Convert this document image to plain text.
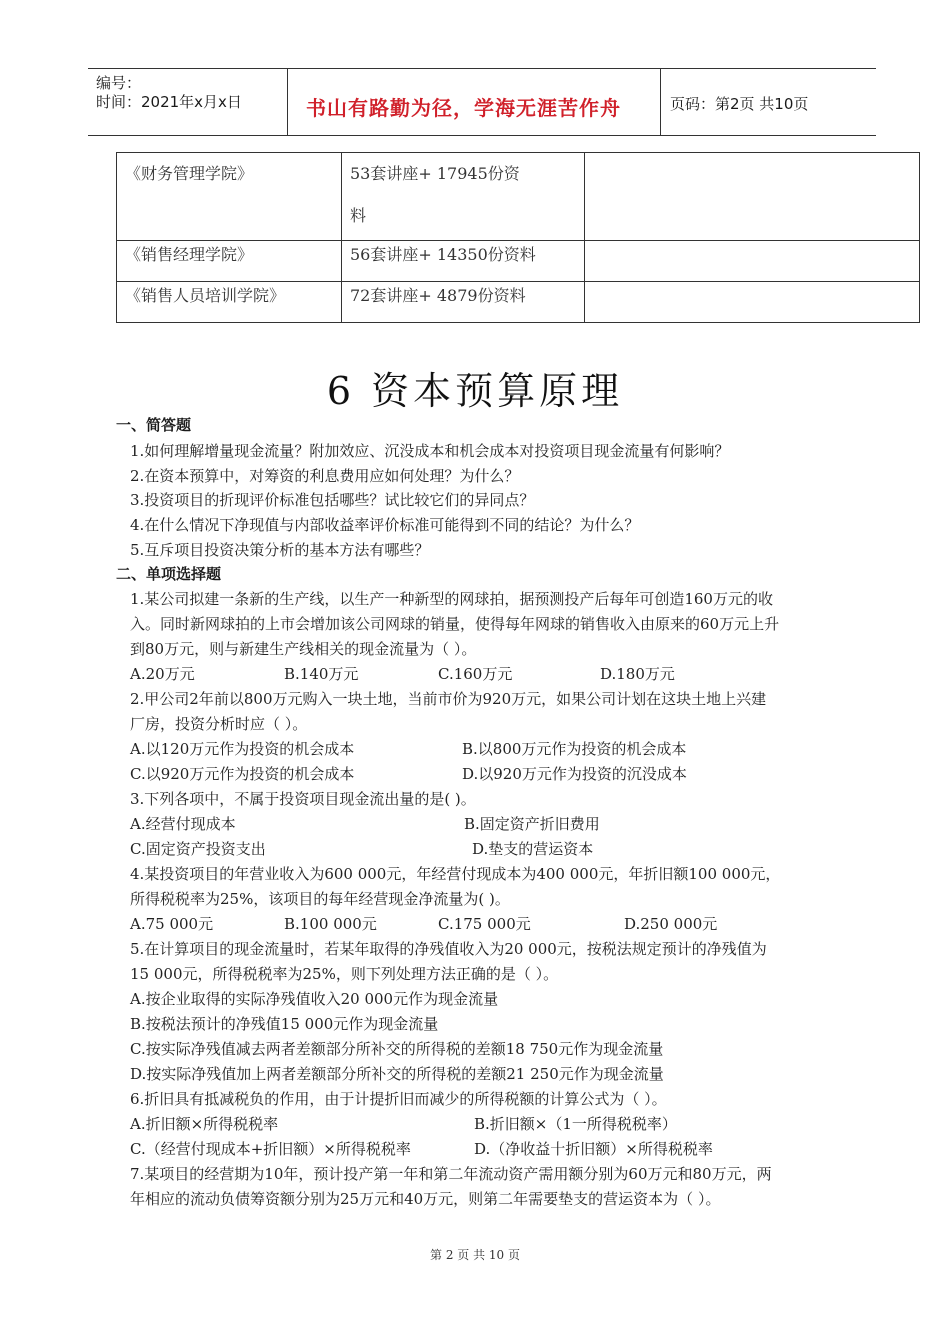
编号：
时间：2021年x月x日	书山有路勤为径，学海无涯苦作舟	页码：第2页 共10页
《财务管理学院》	53套讲座+ 17945份资
料	

《销售经理学院》	56套讲座+ 14350份资料	
《销售人员培训学院》	72套讲座+ 4879份资料	
6 资本预算原理
一、简答题
1.如何理解增量现金流量？附加效应、沉没成本和机会成本对投资项目现金流量有何影响？
2.在资本预算中，对筹资的利息费用应如何处理？为什么？
3.投资项目的折现评价标准包括哪些？试比较它们的异同点？
4.在什么情况下净现值与内部收益率评价标准可能得到不同的结论？为什么？
5.互斥项目投资决策分析的基本方法有哪些？
二、单项选择题
1.某公司拟建一条新的生产线，以生产一种新型的网球拍，据预测投产后每年可创造160万元的收
入。同时新网球拍的上市会增加该公司网球的销量，使得每年网球的销售收入由原来的60万元上升
到80万元，则与新建生产线相关的现金流量为（ ）。
A.20万元	B.140万元	C.160万元	D.180万元
2.甲公司2年前以800万元购入一块土地，当前市价为920万元，如果公司计划在这块土地上兴建
厂房，投资分析时应（ ）。
A.以120万元作为投资的机会成本	B.以800万元作为投资的机会成本
C.以920万元作为投资的机会成本	D.以920万元作为投资的沉没成本
3.下列各项中，不属于投资项目现金流出量的是( )。
A.经营付现成本	B.固定资产折旧费用
C.固定资产投资支出	D.垫支的营运资本
4.某投资项目的年营业收入为600 000元，年经营付现成本为400 000元，年折旧额100 000元，
所得税税率为25%，该项目的每年经营现金净流量为( )。
A.75 000元	B.100 000元	C.175 000元	D.250 000元
5.在计算项目的现金流量时，若某年取得的净残值收入为20 000元，按税法规定预计的净残值为
15 000元，所得税税率为25%，则下列处理方法正确的是（ ）。
A.按企业取得的实际净残值收入20 000元作为现金流量
B.按税法预计的净残值15 000元作为现金流量
C.按实际净残值减去两者差额部分所补交的所得税的差额18 750元作为现金流量
D.按实际净残值加上两者差额部分所补交的所得税的差额21 250元作为现金流量
6.折旧具有抵减税负的作用，由于计提折旧而减少的所得税额的计算公式为（ ）。
A.折旧额×所得税税率	B.折旧额×（1一所得税税率）
C.（经营付现成本+折旧额）×所得税税率	D.（净收益十折旧额）×所得税税率
7.某项目的经营期为10年，预计投产第一年和第二年流动资产需用额分别为60万元和80万元，两
年相应的流动负债筹资额分别为25万元和40万元，则第二年需要垫支的营运资本为（ ）。
第 2 页 共 10 页
